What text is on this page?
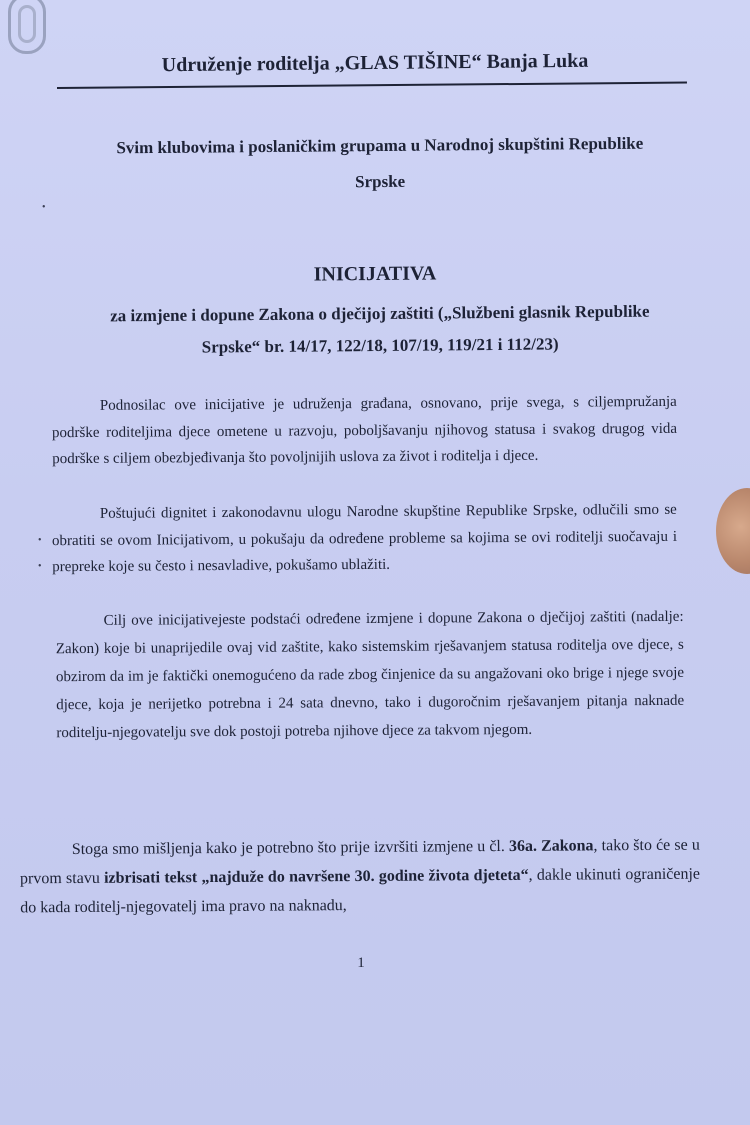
Udruženje roditelja „GLAS TIŠINE“ Banja Luka
Svim klubovima i poslaničkim grupama u Narodnoj skupštini Republike
Srpske
INICIJATIVA
za izmjene i dopune Zakona o dječijoj zaštiti („Službeni glasnik Republike
Srpske“ br. 14/17, 122/18, 107/19, 119/21 i 112/23)
Podnosilac ove inicijative je udruženja građana, osnovano, prije svega, s ciljempružanja podrške roditeljima djece ometene u razvoju, poboljšavanju njihovog statusa i svakog drugog vida podrške s ciljem obezbjeđivanja što povoljnijih uslova za život i roditelja i djece.
Poštujući dignitet i zakonodavnu ulogu Narodne skupštine Republike Srpske, odlučili smo se obratiti se ovom Inicijativom, u pokušaju da određene probleme sa kojima se ovi roditelji suočavaju i prepreke koje su često i nesavladive, pokušamo ublažiti.
Cilj ove inicijativejeste podstaći određene izmjene i dopune Zakona o dječijoj zaštiti (nadalje: Zakon) koje bi unaprijedile ovaj vid zaštite, kako sistemskim rješavanjem statusa roditelja ove djece, s obzirom da im je faktički onemogućeno da rade zbog činjenice da su angažovani oko brige i njege svoje djece, koja je nerijetko potrebna i 24 sata dnevno, tako i dugoročnim rješavanjem pitanja naknade roditelju-njegovatelju sve dok postoji potreba njihove djece za takvom njegom.
Stoga smo mišljenja kako je potrebno što prije izvršiti izmjene u čl. 36a. Zakona, tako što će se u prvom stavu izbrisati tekst „najduže do navršene 30. godine života djeteta“, dakle ukinuti ograničenje do kada roditelj-njegovatelj ima pravo na naknadu,
1
•
•
•
